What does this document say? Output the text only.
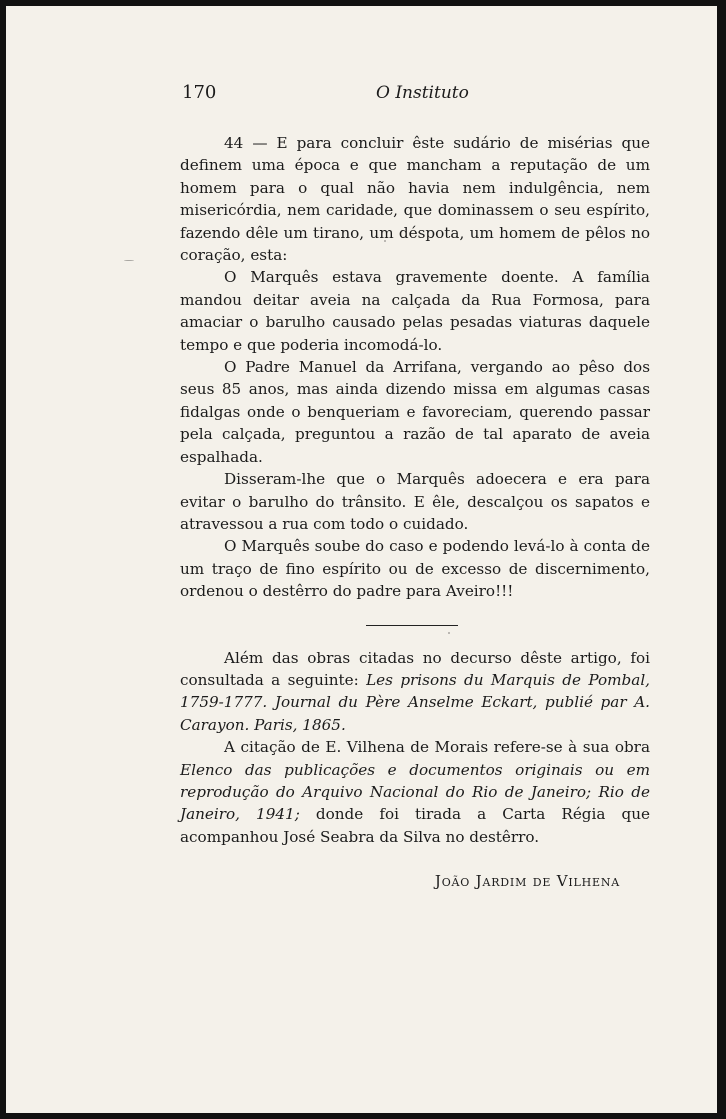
170	O Instituto

44 — E para concluir êste sudário de misérias que definem uma época e que mancham a reputação de um homem para o qual não havia nem indulgência, nem misericórdia, nem caridade, que dominassem o seu espírito, fazendo dêle um tirano, um déspota, um homem de pêlos no coração, esta:

O Marquês estava gravemente doente. A família mandou deitar aveia na calçada da Rua Formosa, para amaciar o barulho causado pelas pesadas viaturas daquele tempo e que poderia incomodá-lo.

O Padre Manuel da Arrifana, vergando ao pêso dos seus 85 anos, mas ainda dizendo missa em algumas casas fidalgas onde o benqueriam e favoreciam, querendo passar pela calçada, preguntou a razão de tal aparato de aveia espalhada.

Disseram-lhe que o Marquês adoecera e era para evitar o barulho do trânsito. E êle, descalçou os sapatos e atravessou a rua com todo o cuidado.

O Marquês soube do caso e podendo levá-lo à conta de um traço de fino espírito ou de excesso de discernimento, ordenou o destêrro do padre para Aveiro!!!

Além das obras citadas no decurso dêste artigo, foi consultada a seguinte: Les prisons du Marquis de Pombal, 1759-1777. Journal du Père Anselme Eckart, publié par A. Carayon. Paris, 1865.

A citação de E. Vilhena de Morais refere-se à sua obra Elenco das publicações e documentos originais ou em reprodução do Arquivo Nacional do Rio de Janeiro; Rio de Janeiro, 1941; donde foi tirada a Carta Régia que acompanhou José Seabra da Silva no destêrro.

João Jardim de Vilhena
